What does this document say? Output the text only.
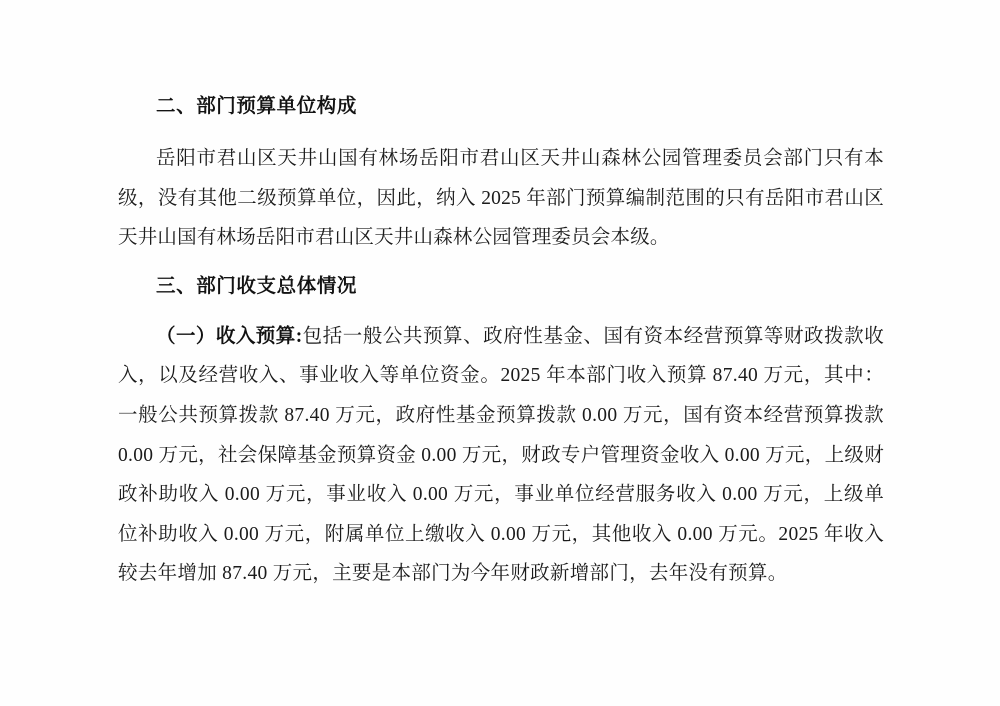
二、部门预算单位构成

岳阳市君山区天井山国有林场岳阳市君山区天井山森林公园管理委员会部门只有本级，没有其他二级预算单位，因此，纳入 2025 年部门预算编制范围的只有岳阳市君山区天井山国有林场岳阳市君山区天井山森林公园管理委员会本级。

三、部门收支总体情况

（一）收入预算:包括一般公共预算、政府性基金、国有资本经营预算等财政拨款收入，以及经营收入、事业收入等单位资金。2025 年本部门收入预算 87.40 万元，其中：一般公共预算拨款 87.40 万元，政府性基金预算拨款 0.00 万元，国有资本经营预算拨款 0.00 万元，社会保障基金预算资金 0.00 万元，财政专户管理资金收入 0.00 万元，上级财政补助收入 0.00 万元，事业收入 0.00 万元，事业单位经营服务收入 0.00 万元，上级单位补助收入 0.00 万元，附属单位上缴收入 0.00 万元，其他收入 0.00 万元。2025 年收入较去年增加 87.40 万元，主要是本部门为今年财政新增部门，去年没有预算。
